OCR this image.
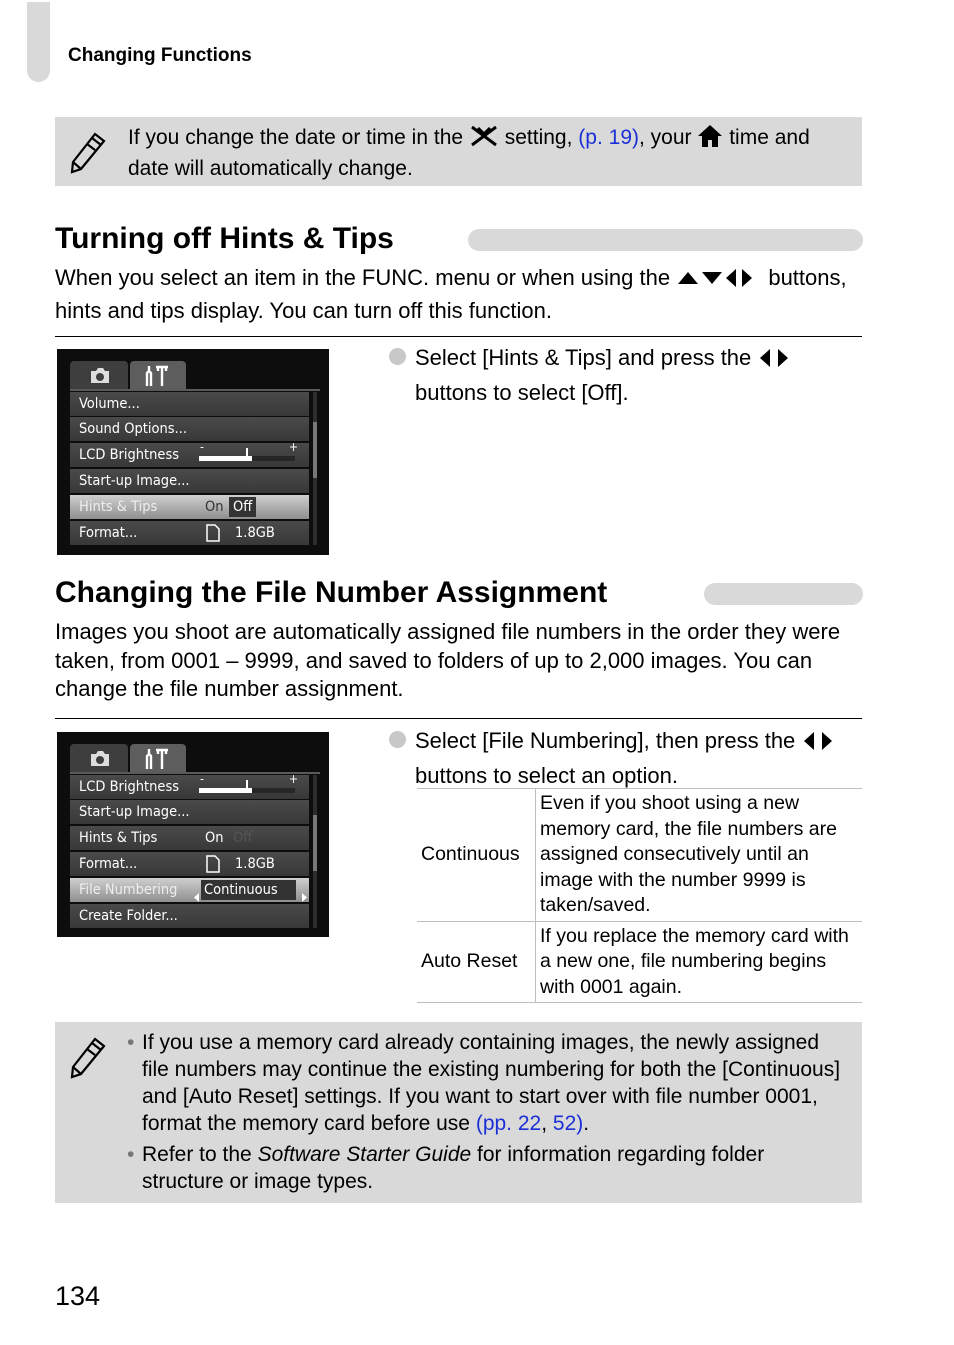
Changing Functions
If you change the date or time in the setting, (p. 19), your time and date will automatically change.
Turning off Hints & Tips

When you select an item in the FUNC. menu or when using the	buttons, hints and tips display. You can turn off this function.

Volume...
Sound Options...
LCD Brightness -	+
Start-up Image...
Hints & Tips	On Off
Format...	1.8GB

Select [Hints & Tips] and press the
buttons to select [Off].

Changing the File Number Assignment

Images you shoot are automatically assigned file numbers in the order they were taken, from 0001 – 9999, and saved to folders of up to 2,000 images. You can change the file number assignment.

LCD Brightness -	+
Start-up Image...
Hints & Tips	On Off
Format...	1.8GB
File Numbering Continuous
Create Folder...

Select [File Numbering], then press the
buttons to select an option.

Continuous	Even if you shoot using a new memory card, the file numbers are assigned consecutively until an image with the number 9999 is taken/saved.
Auto Reset	If you replace the memory card with a new one, file numbering begins with 0001 again.
• If you use a memory card already containing images, the newly assigned file numbers may continue the existing numbering for both the [Continuous] and [Auto Reset] settings. If you want to start over with file number 0001, format the memory card before use (pp. 22, 52).
• Refer to the Software Starter Guide for information regarding folder structure or image types.
134
